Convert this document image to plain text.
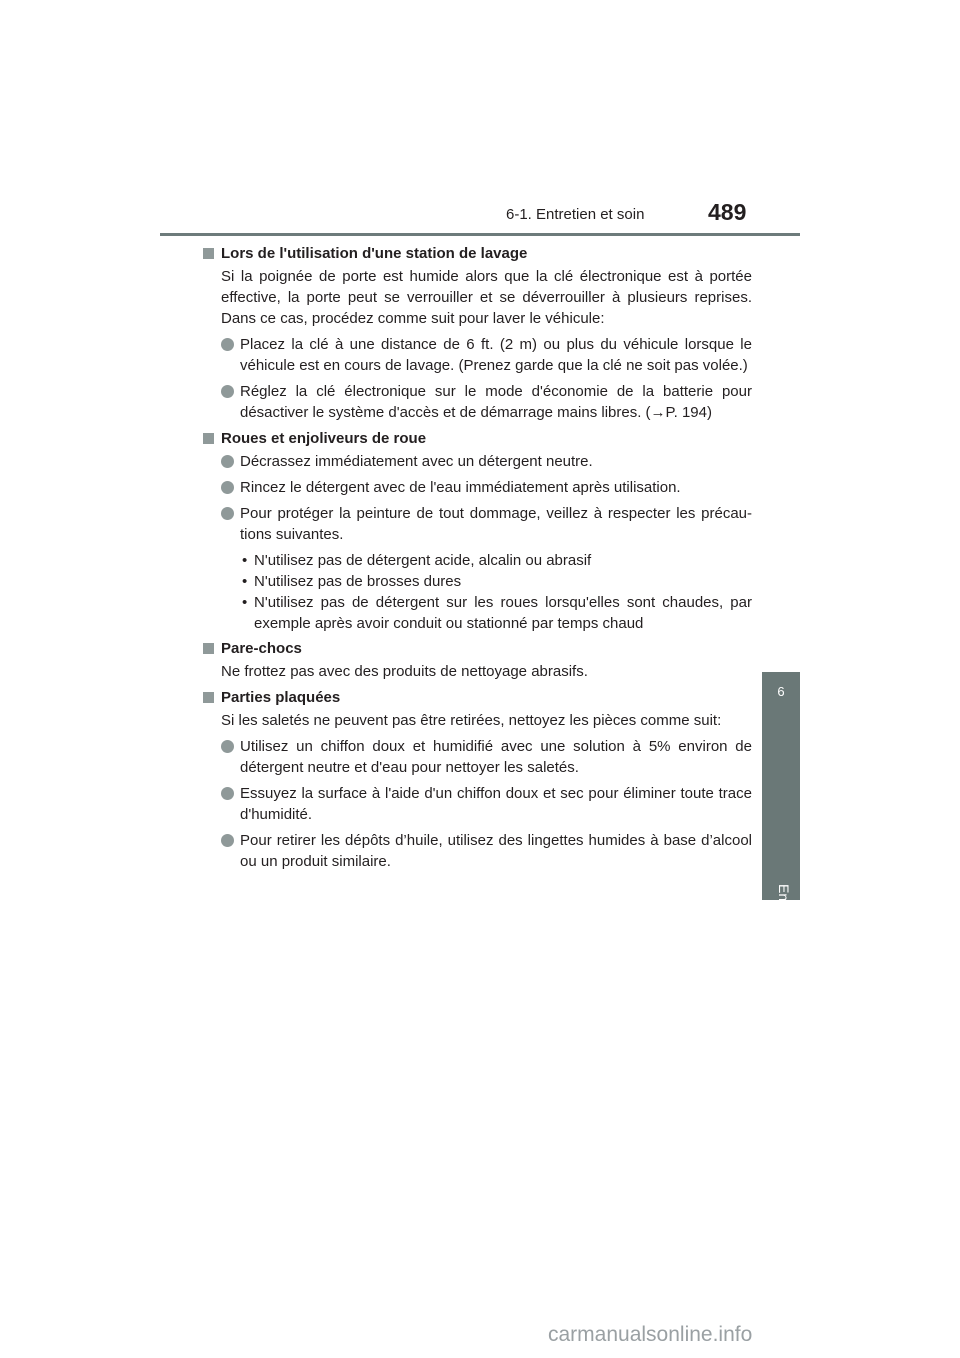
6-1. Entretien et soin	489
6
Entretien et nettoyage
Lors de l'utilisation d'une station de lavage

Si la poignée de porte est humide alors que la clé électronique est à portée effective, la porte peut se verrouiller et se déverrouiller à plusieurs reprises. Dans ce cas, procédez comme suit pour laver le véhicule:

Placez la clé à une distance de 6 ft. (2 m) ou plus du véhicule lorsque le véhicule est en cours de lavage. (Prenez garde que la clé ne soit pas volée.)
Réglez la clé électronique sur le mode d'économie de la batterie pour désactiver le système d'accès et de démarrage mains libres. (→P. 194)
Roues et enjoliveurs de roue
Décrassez immédiatement avec un détergent neutre.
Rincez le détergent avec de l'eau immédiatement après utilisation.
Pour protéger la peinture de tout dommage, veillez à respecter les précau-tions suivantes.

• N'utilisez pas de détergent acide, alcalin ou abrasif

• N'utilisez pas de brosses dures

• N'utilisez pas de détergent sur les roues lorsqu'elles sont chaudes, par exemple après avoir conduit ou stationné par temps chaud

Pare-chocs

Ne frottez pas avec des produits de nettoyage abrasifs.

Parties plaquées

Si les saletés ne peuvent pas être retirées, nettoyez les pièces comme suit:

Utilisez un chiffon doux et humidifié avec une solution à 5% environ de détergent neutre et d'eau pour nettoyer les saletés.
Essuyez la surface à l'aide d'un chiffon doux et sec pour éliminer toute trace d'humidité.
Pour retirer les dépôts d’huile, utilisez des lingettes humides à base d’alcool ou un produit similaire.
carmanualsonline.info
